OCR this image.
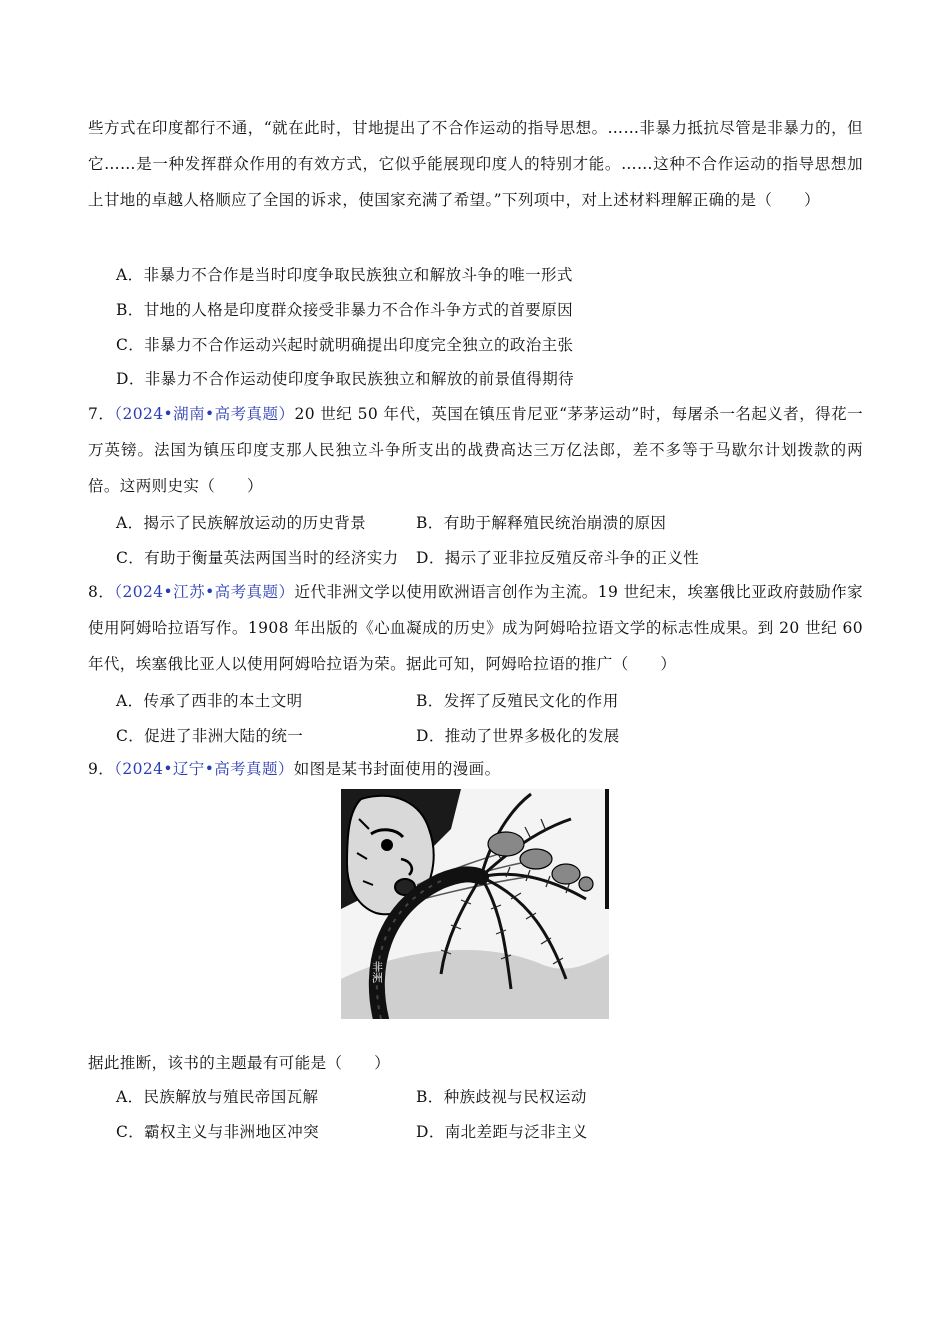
些方式在印度都行不通，“就在此时，甘地提出了不合作运动的指导思想。……非暴力抵抗尽管是非暴力的，但它……是一种发挥群众作用的有效方式，它似乎能展现印度人的特别才能。……这种不合作运动的指导思想加上甘地的卓越人格顺应了全国的诉求，使国家充满了希望。”下列项中，对上述材料理解正确的是（　　）

A．非暴力不合作是当时印度争取民族独立和解放斗争的唯一形式
B．甘地的人格是印度群众接受非暴力不合作斗争方式的首要原因
C．非暴力不合作运动兴起时就明确提出印度完全独立的政治主张
D．非暴力不合作运动使印度争取民族独立和解放的前景值得期待

7．（2024•湖南•高考真题）20 世纪 50 年代，英国在镇压肯尼亚“茅茅运动”时，每屠杀一名起义者，得花一万英镑。法国为镇压印度支那人民独立斗争所支出的战费高达三万亿法郎，差不多等于马歇尔计划拨款的两倍。这两则史实（　　）

A．揭示了民族解放运动的历史背景	B．有助于解释殖民统治崩溃的原因
C．有助于衡量英法两国当时的经济实力 D．揭示了亚非拉反殖反帝斗争的正义性

8．（2024•江苏•高考真题）近代非洲文学以使用欧洲语言创作为主流。19 世纪末，埃塞俄比亚政府鼓励作家使用阿姆哈拉语写作。1908 年出版的《心血凝成的历史》成为阿姆哈拉语文学的标志性成果。到 20 世纪 60 年代，埃塞俄比亚人以使用阿姆哈拉语为荣。据此可知，阿姆哈拉语的推广（　　）

A．传承了西非的本土文明	B．发挥了反殖民文化的作用
C．促进了非洲大陆的统一	D．推动了世界多极化的发展

9．（2024•辽宁•高考真题）如图是某书封面使用的漫画。

非洲

据此推断，该书的主题最有可能是（　　）

A．民族解放与殖民帝国瓦解	B．种族歧视与民权运动
C．霸权主义与非洲地区冲突	D．南北差距与泛非主义
